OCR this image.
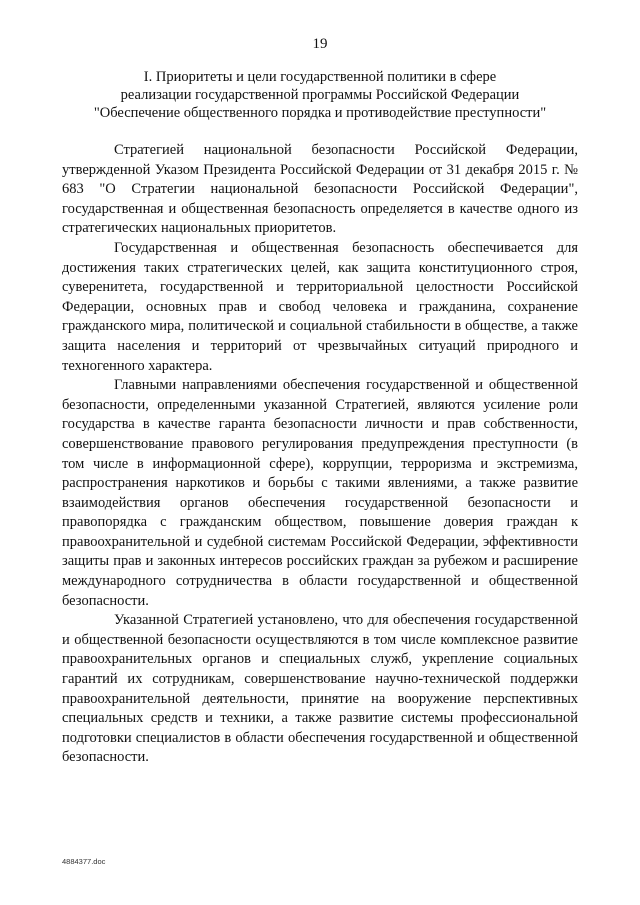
19
I. Приоритеты и цели государственной политики в сфере
реализации государственной программы Российской Федерации
"Обеспечение общественного порядка и противодействие преступности"

Стратегией национальной безопасности Российской Федерации, утвержденной Указом Президента Российской Федерации от 31 декабря 2015 г. № 683 "О Стратегии национальной безопасности Российской Федерации", государственная и общественная безопасность определяется в качестве одного из стратегических национальных приоритетов.

Государственная и общественная безопасность обеспечивается для достижения таких стратегических целей, как защита конституционного строя, суверенитета, государственной и территориальной целостности Российской Федерации, основных прав и свобод человека и гражданина, сохранение гражданского мира, политической и социальной стабильности в обществе, а также защита населения и территорий от чрезвычайных ситуаций природного и техногенного характера.

Главными направлениями обеспечения государственной и общественной безопасности, определенными указанной Стратегией, являются усиление роли государства в качестве гаранта безопасности личности и прав собственности, совершенствование правового регулирования предупреждения преступности (в том числе в информационной сфере), коррупции, терроризма и экстремизма, распространения наркотиков и борьбы с такими явлениями, а также развитие взаимодействия органов обеспечения государственной безопасности и правопорядка с гражданским обществом, повышение доверия граждан к правоохранительной и судебной системам Российской Федерации, эффективности защиты прав и законных интересов российских граждан за рубежом и расширение международного сотрудничества в области государственной и общественной безопасности.

Указанной Стратегией установлено, что для обеспечения государственной и общественной безопасности осуществляются в том числе комплексное развитие правоохранительных органов и специальных служб, укрепление социальных гарантий их сотрудникам, совершенствование научно-технической поддержки правоохранительной деятельности, принятие на вооружение перспективных специальных средств и техники, а также развитие системы профессиональной подготовки специалистов в области обеспечения государственной и общественной безопасности.

4884377.doc
